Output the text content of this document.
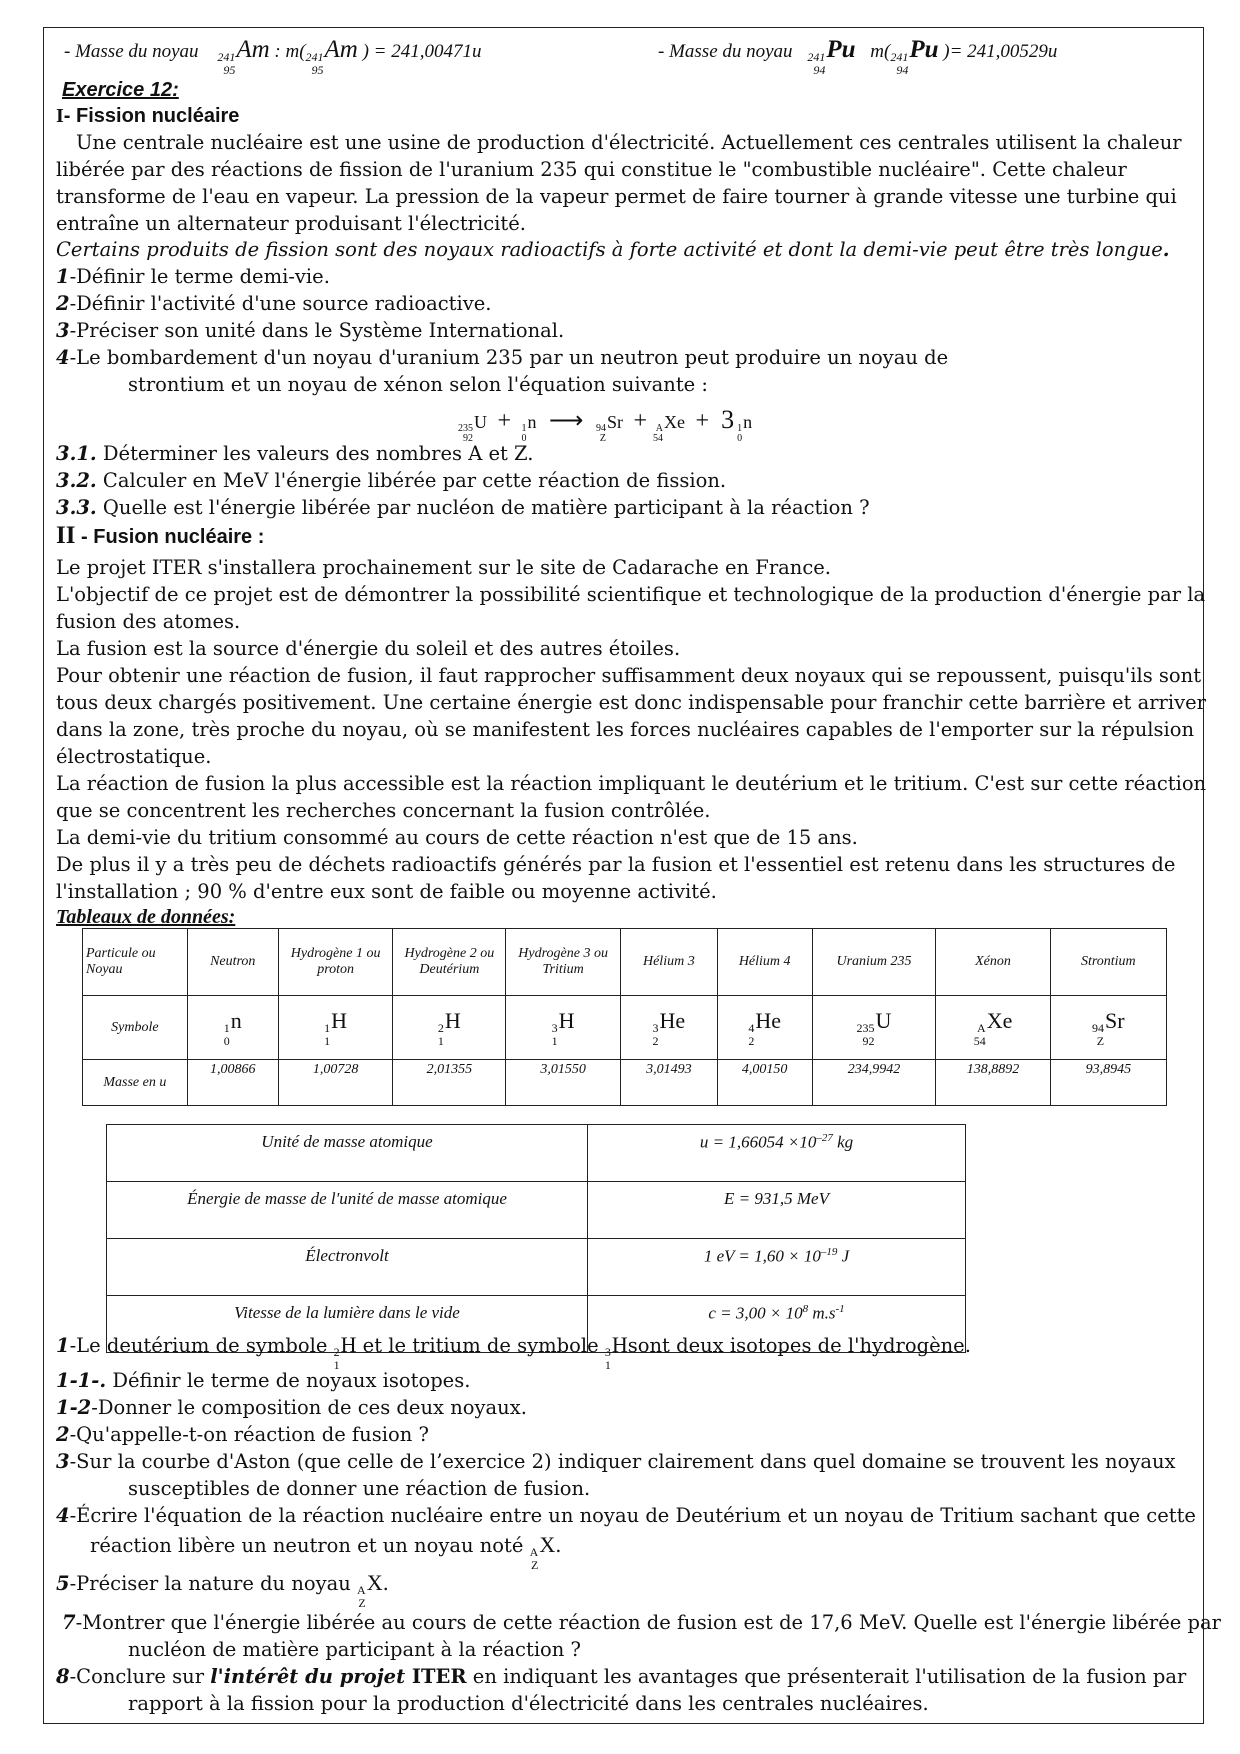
- Masse du noyau 241
95
Am : m( 241
95
Am ) = 241,00471u	- Masse du noyau 241
94
Pu m( 241
94
Pu )= 241,00529u
Exercice 12:
I- Fission nucléaire
Une centrale nucléaire est une usine de production d'électricité. Actuellement ces centrales utilisent la chaleur
libérée par des réactions de fission de l'uranium 235 qui constitue le "combustible nucléaire". Cette chaleur
transforme de l'eau en vapeur. La pression de la vapeur permet de faire tourner à grande vitesse une turbine qui
entraîne un alternateur produisant l'électricité.
Certains produits de fission sont des noyaux radioactifs à forte activité et dont la demi-vie peut être très longue.
1-Définir le terme demi-vie.
2-Définir l'activité d'une source radioactive.
3-Préciser son unité dans le Système International.
4-Le bombardement d'un noyau d'uranium 235 par un neutron peut produire un noyau de
strontium et un noyau de xénon selon l'équation suivante :
235
92
U + 1
0
n ⟶ 94
Z
Sr + A
54
Xe + 3 1
0
n
3.1. Déterminer les valeurs des nombres A et Z.
3.2. Calculer en MeV l'énergie libérée par cette réaction de fission.
3.3. Quelle est l'énergie libérée par nucléon de matière participant à la réaction ?
II - Fusion nucléaire :
Le projet ITER s'installera prochainement sur le site de Cadarache en France.
L'objectif de ce projet est de démontrer la possibilité scientifique et technologique de la production d'énergie par la
fusion des atomes.
La fusion est la source d'énergie du soleil et des autres étoiles.
Pour obtenir une réaction de fusion, il faut rapprocher suffisamment deux noyaux qui se repoussent, puisqu'ils sont
tous deux chargés positivement. Une certaine énergie est donc indispensable pour franchir cette barrière et arriver
dans la zone, très proche du noyau, où se manifestent les forces nucléaires capables de l'emporter sur la répulsion
électrostatique.
La réaction de fusion la plus accessible est la réaction impliquant le deutérium et le tritium. C'est sur cette réaction
que se concentrent les recherches concernant la fusion contrôlée.
La demi-vie du tritium consommé au cours de cette réaction n'est que de 15 ans.
De plus il y a très peu de déchets radioactifs générés par la fusion et l'essentiel est retenu dans les structures de
l'installation ; 90 % d'entre eux sont de faible ou moyenne activité.
Tableaux de données:
Particule ou Noyau	Neutron	Hydrogène 1 ou proton	Hydrogène 2 ou Deutérium	Hydrogène 3 ou Tritium	Hélium 3	Hélium 4	Uranium 235	Xénon	Strontium
Symbole	1
0
n	1
1
H	2
1
H	3
1
H	3
2
He	4
2
He	235
92
U	A
54
Xe	94
Z
Sr
Masse en u	1,00866	1,00728	2,01355	3,01550	3,01493	4,00150	234,9942	138,8892	93,8945
Unité de masse atomique	$u = 1,66054 \times 10^{-27}$ kg
Énergie de masse de l'unité de masse atomique	E = 931,5 MeV
Électronvolt	1 eV = $1,60 \times 10^{-19}$ J
Vitesse de la lumière dans le vide	$c = 3,00 \times 10^8$ $m.s^{-1}$
1-Le deutérium de symbole 2
1
H et le tritium de symbole 3
1
Hsont deux isotopes de l'hydrogène.
1-1-. Définir le terme de noyaux isotopes.
1-2-Donner le composition de ces deux noyaux.
2-Qu'appelle-t-on réaction de fusion ?
3-Sur la courbe d'Aston (que celle de l’exercice 2) indiquer clairement dans quel domaine se trouvent les noyaux
susceptibles de donner une réaction de fusion.
4-Écrire l'équation de la réaction nucléaire entre un noyau de Deutérium et un noyau de Tritium sachant que cette
réaction libère un neutron et un noyau noté A
Z
X.
5-Préciser la nature du noyau A
Z
X.
7-Montrer que l'énergie libérée au cours de cette réaction de fusion est de 17,6 MeV. Quelle est l'énergie libérée par
nucléon de matière participant à la réaction ?
8-Conclure sur l'intérêt du projet ITER en indiquant les avantages que présenterait l'utilisation de la fusion par
rapport à la fission pour la production d'électricité dans les centrales nucléaires.
